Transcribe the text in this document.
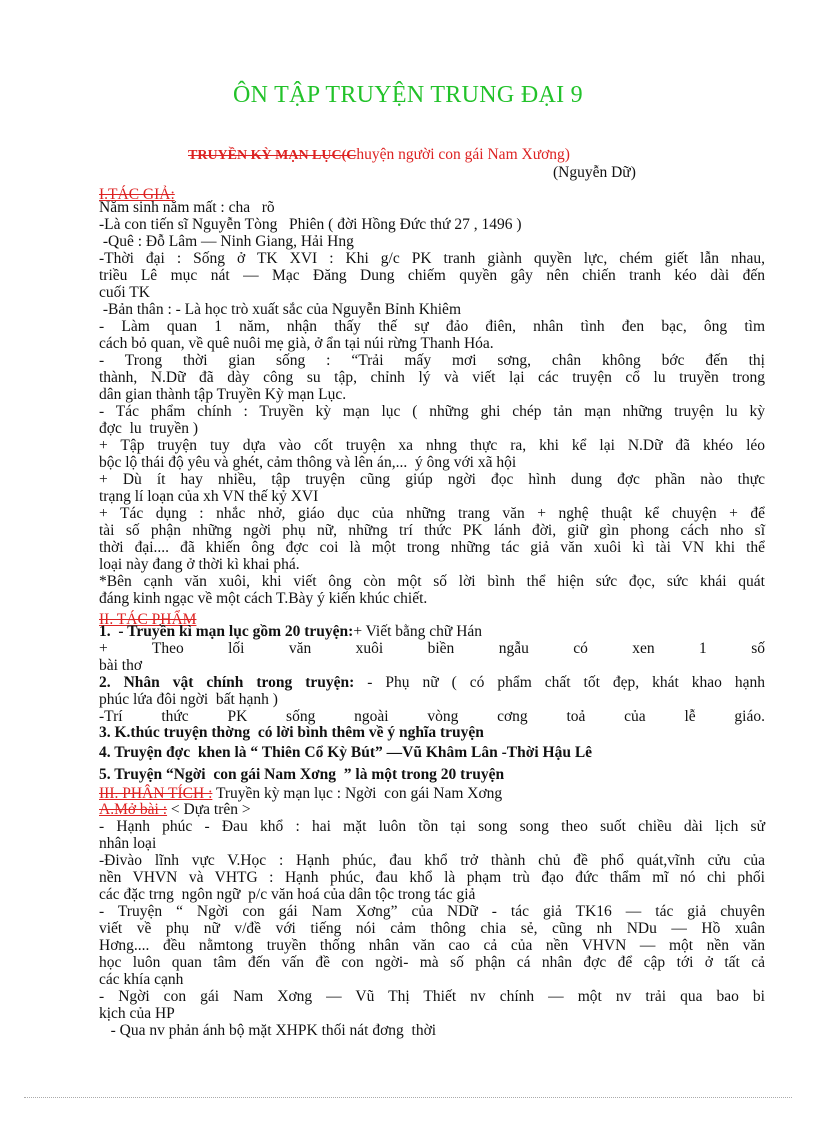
ÔN TẬP TRUYỆN TRUNG ĐẠI 9
TRUYỀN KỲ MẠN LỤC(Chuyện người con gái Nam Xương)
(Nguyễn Dữ)
I.TÁC GIẢ:
Năm sinh năm mất : cha   rõ
-Là con tiến sĩ Nguyễn Tòng   Phiên ( đời Hồng Đức thứ 27 , 1496 )
-Quê : Đỗ Lâm — Ninh Giang, Hải Hng
-Thời đại : Sống ở TK XVI : Khi g/c PK tranh giành quyền lực, chém giết lẫn nhau,
triều Lê mục nát — Mạc Đăng Dung chiếm quyền gây nên chiến tranh kéo dài đến
cuối TK
-Bản thân : - Là học trò xuất sắc của Nguyễn Bỉnh Khiêm
- Làm quan 1 năm, nhận thấy thế sự đảo điên, nhân tình đen bạc, ông tìm
cách bỏ quan, về quê nuôi mẹ già, ở ẩn tại núi rừng Thanh Hóa.
- Trong thời gian sống : “Trải mấy mơi sơng, chân không bớc đến thị
thành, N.Dữ đã dày công su tập, chỉnh lý và viết lại các truyện cổ lu truyền trong
dân gian thành tập Truyền Kỳ mạn Lục.
- Tác phẩm chính : Truyền kỳ mạn lục ( những ghi chép tản mạn những truyện lu kỳ
đợc  lu  truyền )
+ Tập truyện tuy dựa vào cốt truyện xa nhng thực ra, khi kể lại N.Dữ đã khéo léo
bộc lộ thái độ yêu và ghét, cảm thông và lên án,...  ý ông với xã hội
+ Dù ít hay nhiều, tập truyện cũng giúp ngời đọc hình dung đợc phần nào thực
trạng lí loạn của xh VN thế kỷ XVI
+ Tác dụng : nhắc nhở, giáo dục của những trang văn + nghệ thuật kể chuyện + để
tài số phận những ngời phụ nữ, những trí thức PK lánh đời, giữ gìn phong cách nho sĩ
thời đại.... đã khiến ông đợc coi là một trong những tác giả văn xuôi kì tài VN khi thể
loại này đang ở thời kì khai phá.
*Bên cạnh văn xuôi, khi viết ông còn một số lời bình thể hiện sức đọc, sức khái quát
đáng kinh ngạc về một cách T.Bày ý kiến khúc chiết.
II. TÁC PHẨM
1.  - Truyền kì mạn lục gồm 20 truyện:+ Viết bằng chữ Hán
+ Theo lối văn xuôi biền ngẫu có xen 1 số
bài thơ
2. Nhân vật chính trong truyện: - Phụ nữ ( có phẩm chất tốt đẹp, khát khao hạnh
phúc lứa đôi ngời  bất hạnh )
-Trí thức PK sống ngoài vòng cơng toả của lễ giáo.
3. K.thúc truyện thờng  có lời bình thêm về ý nghĩa truyện
4. Truyện đợc  khen là “ Thiên Cổ Kỳ Bút” —Vũ Khâm Lân -Thời Hậu Lê
5. Truyện “Ngời  con gái Nam Xơng  ” là một trong 20 truyện
III. PHÂN TÍCH : Truyền kỳ mạn lục : Ngời  con gái Nam Xơng
A.Mở bài : < Dựa trên >
- Hạnh phúc - Đau khổ : hai mặt luôn tồn tại song song theo suốt chiều dài lịch sử
nhân loại
-Đivào lĩnh vực V.Học : Hạnh phúc, đau khổ trở thành chủ đề phổ quát,vĩnh cửu của
nền VHVN và VHTG : Hạnh phúc, đau khổ là phạm trù đạo đức thẩm mĩ nó chi phối
các đặc trng  ngôn ngữ  p/c văn hoá của dân tộc trong tác giả
- Truyện “ Ngời con gái Nam Xơng” của NDữ - tác giả TK16 — tác giả chuyên
viết về phụ nữ v/đề với tiếng nói cảm thông chia sẻ, cũng nh NDu — Hồ xuân
Hơng.... đều nằmtong truyền thống nhân văn cao cả của nền VHVN — một nền văn
học luôn quan tâm đến vấn đề con ngời- mà số phận cá nhân đợc để cập tới ở tất cả
các khía cạnh
- Ngời con gái Nam Xơng — Vũ Thị Thiết nv chính — một nv trải qua bao bi
kịch của HP
- Qua nv phản ánh bộ mặt XHPK thối nát đơng  thời
